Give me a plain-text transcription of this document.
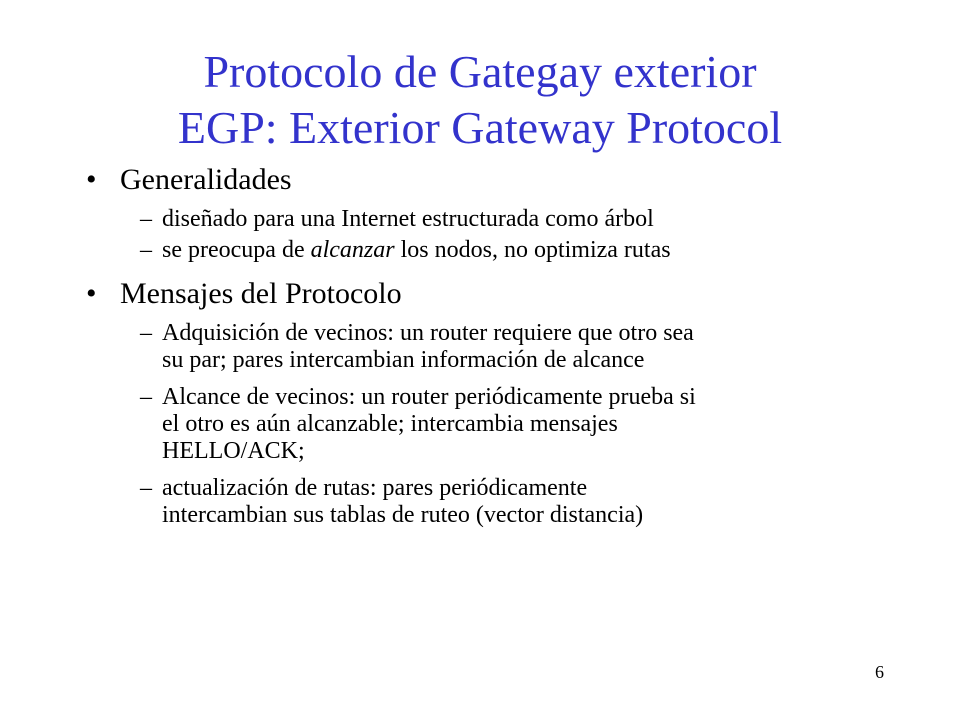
Protocolo de Gategay exterior
EGP: Exterior Gateway Protocol
• Generalidades
– diseñado para una Internet estructurada como árbol
– se preocupa de alcanzar los nodos, no optimiza rutas
• Mensajes del Protocolo
– Adquisición de vecinos: un router requiere que otro sea
su par; pares intercambian información de alcance
– Alcance de vecinos: un router periódicamente prueba si
el otro es aún alcanzable; intercambia mensajes
HELLO/ACK;
– actualización de rutas: pares periódicamente
intercambian sus tablas de ruteo (vector distancia)
6
